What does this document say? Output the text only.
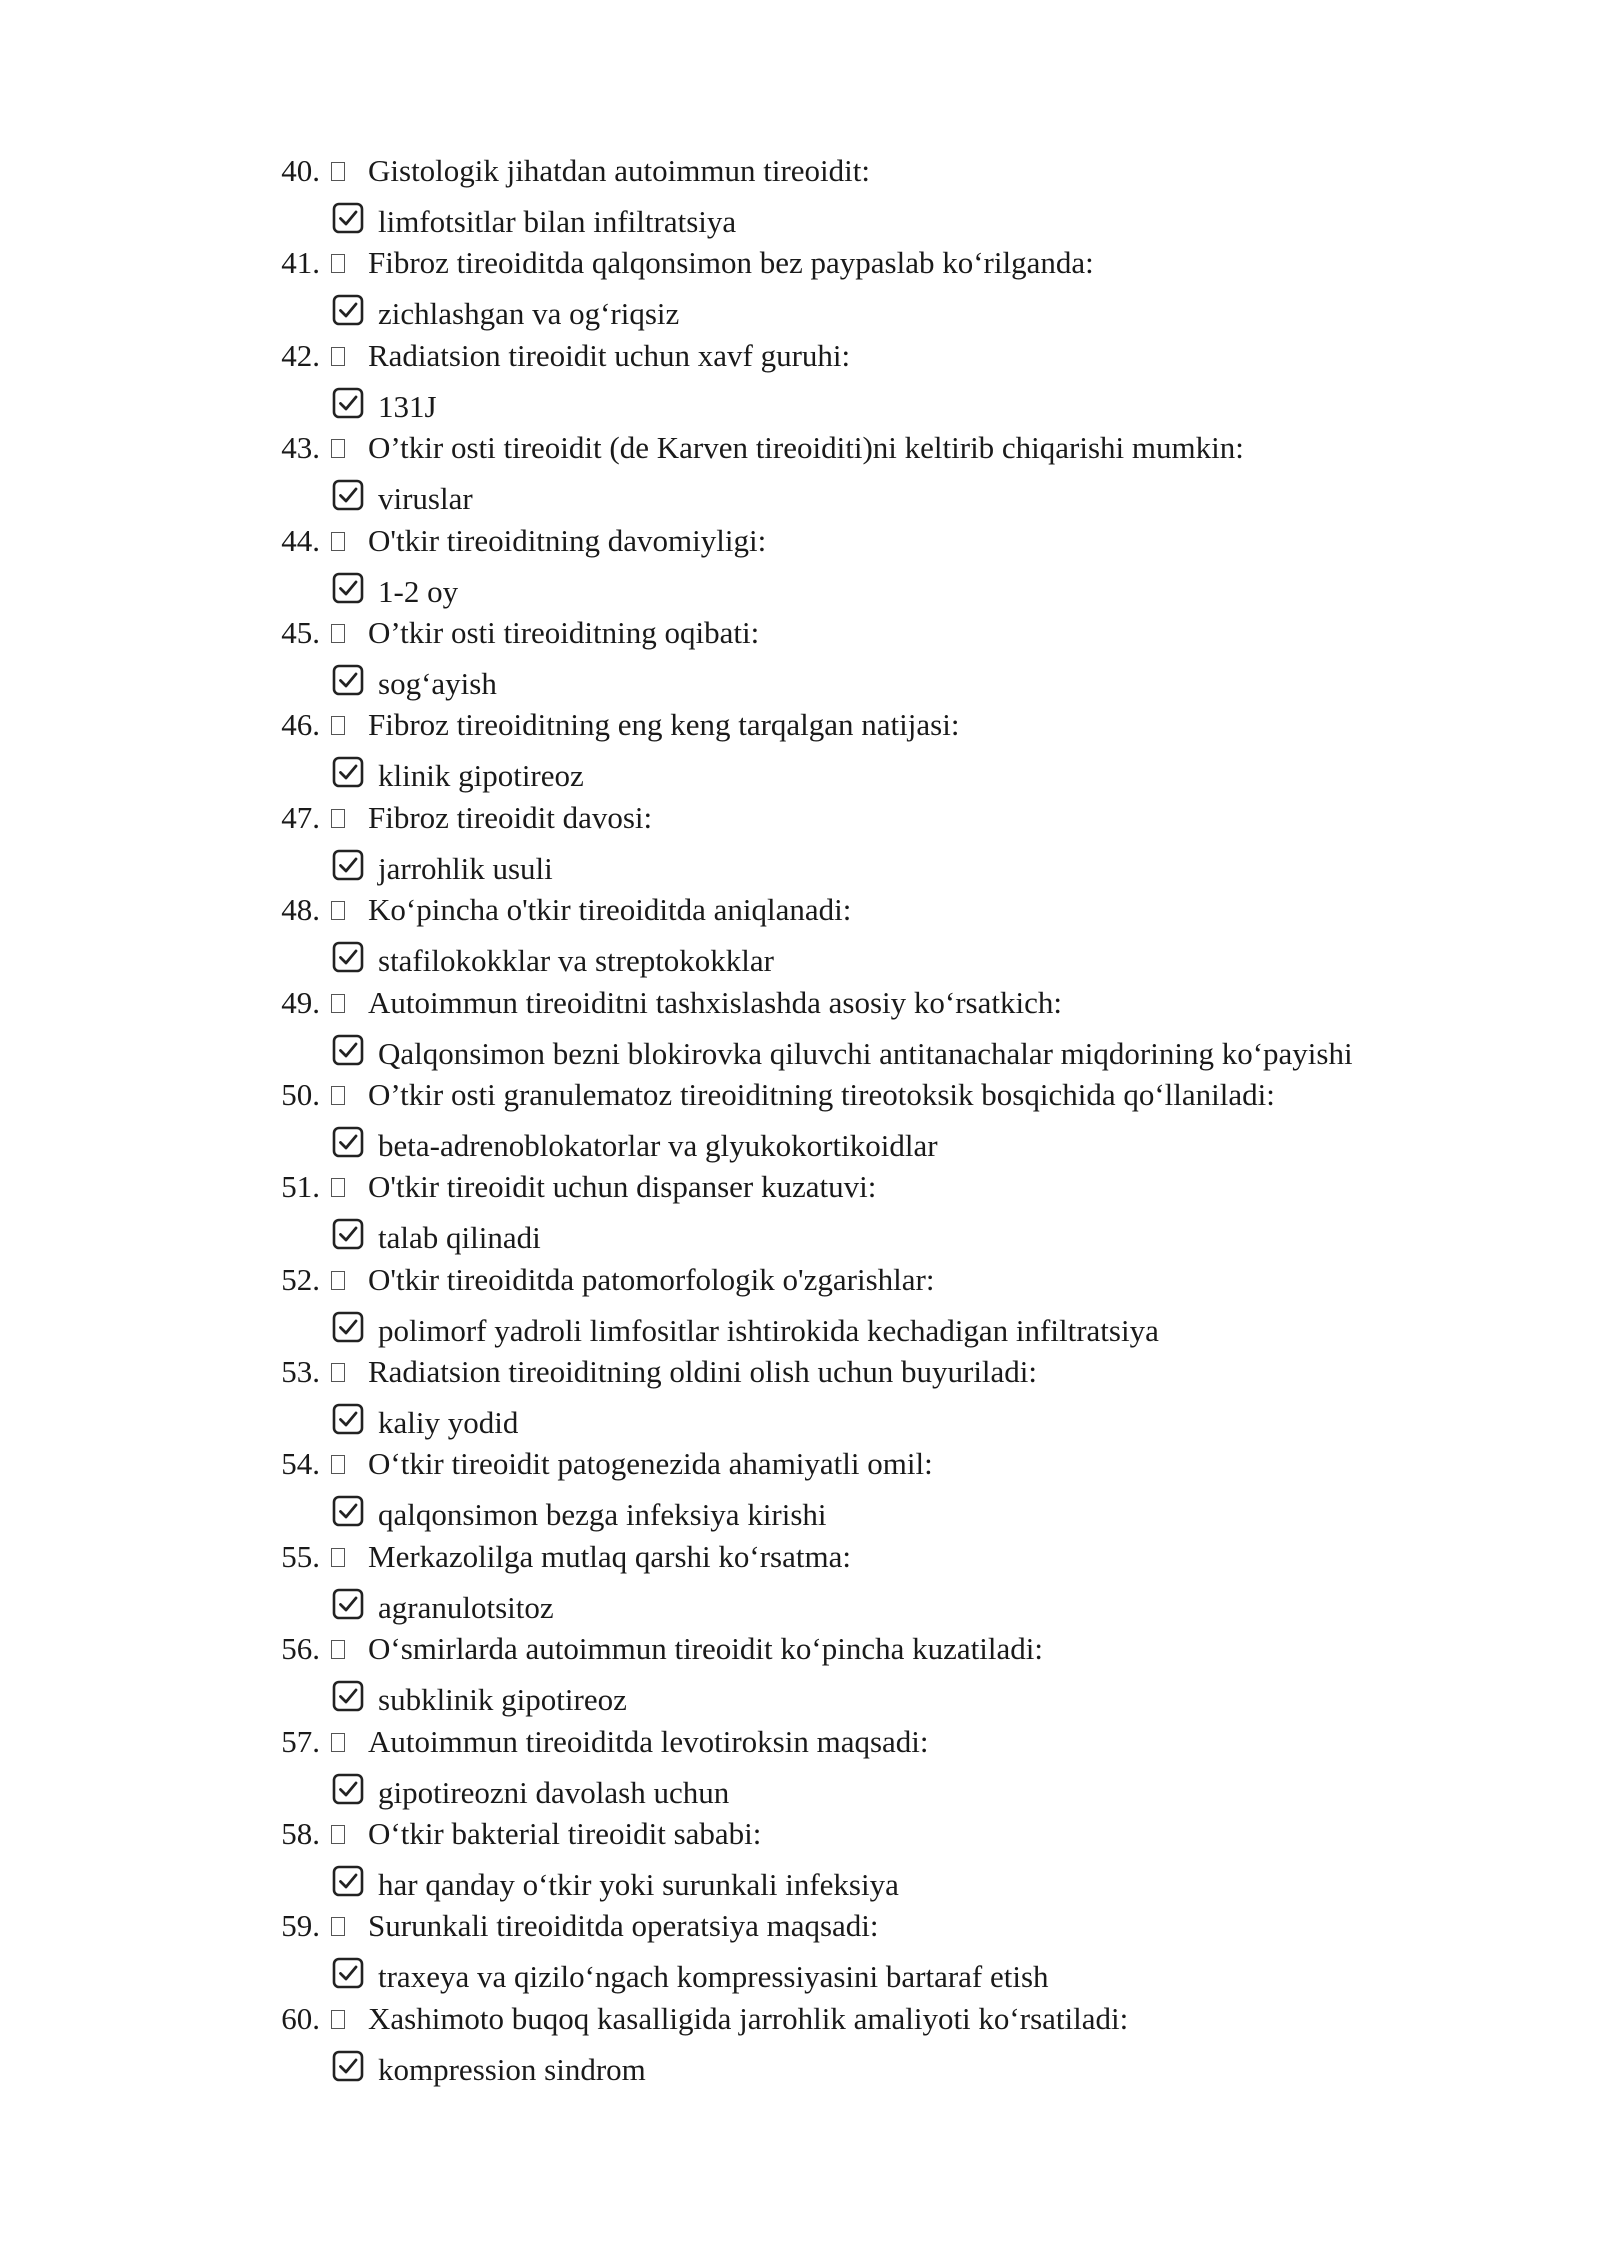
40. Gistologik jihatdan autoimmun tireoidit:
limfotsitlar bilan infiltratsiya
41. Fibroz tireoiditda qalqonsimon bez paypaslab koʻrilganda:
zichlashgan va ogʻriqsiz
42. Radiatsion tireoidit uchun xavf guruhi:
131J
43. O’tkir osti tireoidit (de Karven tireoiditi)ni keltirib chiqarishi mumkin:
viruslar
44. O'tkir tireoiditning davomiyligi:
1-2 oy
45. O’tkir osti tireoiditning oqibati:
sogʻayish
46. Fibroz tireoiditning eng keng tarqalgan natijasi:
klinik gipotireoz
47. Fibroz tireoidit davosi:
jarrohlik usuli
48. Koʻpincha o'tkir tireoiditda aniqlanadi:
stafilokokklar va streptokokklar
49. Autoimmun tireoiditni tashxislashda asosiy koʻrsatkich:
Qalqonsimon bezni blokirovka qiluvchi antitanachalar miqdorining koʻpayishi
50. O’tkir osti granulematoz tireoiditning tireotoksik bosqichida qoʻllaniladi:
beta-adrenoblokatorlar va glyukokortikoidlar
51. O'tkir tireoidit uchun dispanser kuzatuvi:
talab qilinadi
52. O'tkir tireoiditda patomorfologik o'zgarishlar:
polimorf yadroli limfositlar ishtirokida kechadigan infiltratsiya
53. Radiatsion tireoiditning oldini olish uchun buyuriladi:
kaliy yodid
54. Oʻtkir tireoidit patogenezida ahamiyatli omil:
qalqonsimon bezga infeksiya kirishi
55. Merkazolilga mutlaq qarshi koʻrsatma:
agranulotsitoz
56. Oʻsmirlarda autoimmun tireoidit koʻpincha kuzatiladi:
subklinik gipotireoz
57. Autoimmun tireoiditda levotiroksin maqsadi:
gipotireozni davolash uchun
58. Oʻtkir bakterial tireoidit sababi:
har qanday oʻtkir yoki surunkali infeksiya
59. Surunkali tireoiditda operatsiya maqsadi:
traxeya va qiziloʻngach kompressiyasini bartaraf etish
60. Xashimoto buqoq kasalligida jarrohlik amaliyoti koʻrsatiladi:
kompression sindrom
